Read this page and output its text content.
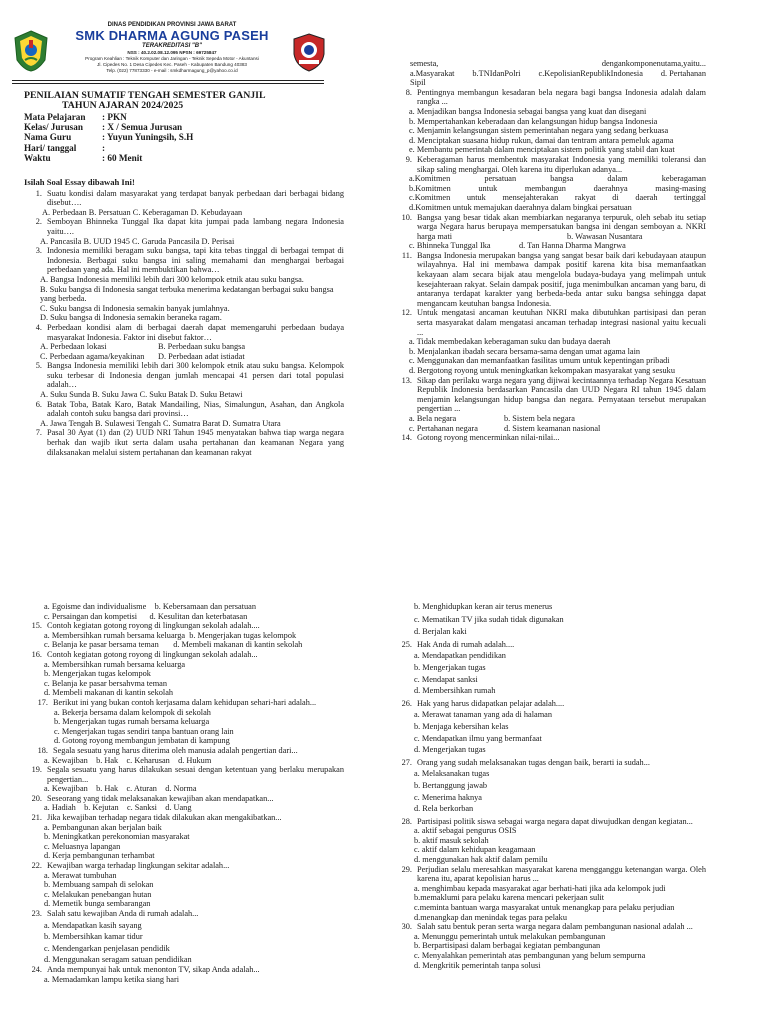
DINAS PENDIDIKAN PROVINSI JAWA BARAT
SMK DHARMA AGUNG PASEH
TERAKREDITASI "B"
NSS : 40.2.02.08.12.095 NPSN : 69725847
Program Keahlian : Teknik Komputer dan Jaringan - Teknik Sepeda Motor - Akuntansi
Jl. Cipedes No. 1 Desa Cipedes Kec. Paseh - Kabupaten Bandung 40383
Telp. (022) 77873330 - e-mail : smkdharmagung_p@yahoo.co.id
PENILAIAN SUMATIF TENGAH SEMESTER GANJIL
TAHUN AJARAN 2024/2025
Mata Pelajaran	: PKN
Kelas/ Jurusan	: X / Semua Jurusan
Nama Guru	: Yuyun Yuningsih, S.H
Hari/ tanggal	:
Waktu	: 60 Menit
Isilah Soal Essay dibawah Ini!
1. Suatu kondisi dalam masyarakat yang terdapat banyak perbedaan dari berbagai bidang disebut….
A. Perbedaan B. Persatuan C. Keberagaman D. Kebudayaan
2. Semboyan Bhinneka Tunggal Ika dapat kita jumpai pada lambang negara Indonesia yaitu….
A. Pancasila B. UUD 1945 C. Garuda Pancasila D. Perisai
3. Indonesia memiliki beragam suku bangsa, tapi kita tebas tinggal di berbagai tempat di Indonesia. Berbagai suku bangsa ini saling memahami dan menghargai berbagai perbedaan yang ada. Hal ini membuktikan bahwa…
A. Bangsa Indonesia memiliki lebih dari 300 kelompok etnik atau suku bangsa.
B. Suku bangsa di Indonesia sangat terbuka menerima kedatangan berbagai suku bangsa yang berbeda.
C. Suku bangsa di Indonesia semakin banyak jumlahnya.
D. Suku bangsa di Indonesia semakin beraneka ragam.
4. Perbedaan kondisi alam di berbagai daerah dapat memengaruhi perbedaan budaya masyarakat Indonesia. Faktor ini disebut faktor…
A. Perbedaan lokasi	B. Perbedaan suku bangsa
C. Perbedaan agama/keyakinan	D. Perbedaan adat istiadat
5. Bangsa Indonesia memiliki lebih dari 300 kelompok etnik atau suku bangsa. Kelompok suku terbesar di Indonesia dengan jumlah mencapai 41 persen dari total populasi adalah…
A. Suku Sunda B. Suku Jawa C. Suku Batak D. Suku Betawi
6. Batak Toba, Batak Karo, Batak Mandailing, Nias, Simalungun, Asahan, dan Angkola adalah contoh suku bangsa dari provinsi…
A. Jawa Tengah B. Sulawesi Tengah C. Sumatra Barat D. Sumatra Utara
7. Pasal 30 Ayat (1) dan (2) UUD NRI Tahun 1945 menyatakan bahwa tiap warga negara berhak dan wajib ikut serta dalam usaha pertahanan dan keamanan Negara yang dilaksanakan melalui sistem pertahanan dan keamanan rakyat
semesta,	dengankomponenutama,yaitu...
a.Masyarakat b.TNIdanPolri c.KepolisianRepublikIndonesia d. Pertahanan
Sipil
8. Pentingnya membangun kesadaran bela negara bagi bangsa Indonesia adalah dalam rangka ...
a. Menjadikan bangsa Indonesia sebagai bangsa yang kuat dan disegani
b. Mempertahankan keberadaan dan kelangsungan hidup bangsa Indonesia
c. Menjamin kelangsungan sistem pemerintahan negara yang sedang berkuasa
d. Menciptakan suasana hidup rukun, damai dan tentram antara pemeluk agama
e. Membantu pemerintah dalam menciptakan sistem politik yang stabil dan kuat
9. Keberagaman harus membentuk masyarakat Indonesia yang memiliki toleransi dan sikap saling menghargai. Oleh karena itu diperlukan adanya...
a.Komitmen	persatuan	bangsa	dalam	keberagaman
b.Komitmen	untuk	membangun	daerahnya	masing-masing
c.Komitmen untuk mensejahterakan rakyat di daerah tertinggal
d.Komitmen untuk memajukan daerahnya dalam bingkai persatuan
10. Bangsa yang besar tidak akan membiarkan negaranya terpuruk, oleh sebab itu setiap warga Negara harus berupaya mempersatukan bangsa ini dengan semboyan a. NKRI harga mati	b. Wawasan Nusantara
c. Bhinneka Tunggal Ika	d. Tan Hanna Dharma Mangrwa
11. Bangsa Indonesia merupakan bangsa yang sangat besar baik dari kebudayaan ataupun wilayahnya. Hal ini membawa dampak positif karena kita bisa memanfaatkan kekayaan alam secara bijak atau mengelola budaya-budaya yang melimpah untuk kesejahteraan rakyat. Selain dampak positif, juga menimbulkan ancaman yang baru, di antaranya terdapat karakter yang berbeda-beda antar suku bangsa sehingga dapat mengancam keutuhan bangsa Indonesia.
12. Untuk mengatasi ancaman keutuhan NKRI maka dibutuhkan partisipasi dan peran serta masyarakat dalam mengatasi ancaman terhadap integrasi nasional yaitu kecuali ...
a. Tidak membedakan keberagaman suku dan budaya daerah
b. Menjalankan ibadah secara bersama-sama dengan umat agama lain
c. Menggunakan dan memanfaatkan fasilitas umum untuk kepentingan pribadi
d. Bergotong royong untuk meningkatkan kekompakan masyarakat yang sesuku
13. Sikap dan perilaku warga negara yang dijiwai kecintaannya terhadap Negara Kesatuan Republik Indonesia berdasarkan Pancasila dan UUD Negara RI tahun 1945 dalam menjamin kelangsungan hidup bangsa dan negara. Pernyataan tersebut merupakan pengertian ...
a. Bela negara	b. Sistem bela negara
c. Pertahanan negara	d. Sistem keamanan nasional
14. Gotong royong mencerminkan nilai-nilai...
a. Egoisme dan individualisme    b. Kebersamaan dan persatuan
c. Persaingan dan kompetisi      d. Kesulitan dan keterbatasan
15. Contoh kegiatan gotong royong di lingkungan sekolah adalah....
a. Membersihkan rumah bersama keluarga  b. Mengerjakan tugas kelompok
c. Belanja ke pasar bersama teman       d. Membeli makanan di kantin sekolah
16. Contoh kegiatan gotong royong di lingkungan sekolah adalah...
a. Membersihkan rumah bersama keluarga
b. Mengerjakan tugas kelompok
c. Belanja ke pasar bersahvma teman
d. Membeli makanan di kantin sekolah
17. Berikut ini yang bukan contoh kerjasama dalam kehidupan sehari-hari adalah...
a. Bekerja bersama dalam kelompok di sekolah
b. Mengerjakan tugas rumah bersama keluarga
c. Mengerjakan tugas sendiri tanpa bantuan orang lain
d. Gotong royong membangun jembatan di kampung
18. Segala sesuatu yang harus diterima oleh manusia adalah pengertian dari...
a. Kewajiban    b. Hak    c. Keharusan    d. Hukum
19. Segala sesuatu yang harus dilakukan sesuai dengan ketentuan yang berlaku merupakan pengertian...
a. Kewajiban    b. Hak    c. Aturan    d. Norma
20. Seseorang yang tidak melaksanakan kewajiban akan mendapatkan...
a. Hadiah    b. Kejutan    c. Sanksi    d. Uang
21. Jika kewajiban terhadap negara tidak dilakukan akan mengakibatkan...
a. Pembangunan akan berjalan baik
b. Meningkatkan perekonomian masyarakat
c. Meluasnya lapangan
d. Kerja pembangunan terhambat
22. Kewajiban warga terhadap lingkungan sekitar adalah...
a. Merawat tumbuhan
b. Membuang sampah di selokan
c. Melakukan penebangan hutan
d. Memetik bunga sembarangan
23. Salah satu kewajiban Anda di rumah adalah...
a. Mendapatkan kasih sayang
b. Membersihkan kamar tidur
c. Mendengarkan penjelasan pendidik
d. Menggunakan seragam satuan pendidikan
24. Anda mempunyai hak untuk menonton TV, sikap Anda adalah...
a. Memadamkan lampu ketika siang hari
b. Menghidupkan keran air terus menerus
c. Mematikan TV jika sudah tidak digunakan
d. Berjalan kaki
25. Hak Anda di rumah adalah....
a. Mendapatkan pendidikan
b. Mengerjakan tugas
c. Mendapat sanksi
d. Membersihkan rumah
26. Hak yang harus didapatkan pelajar adalah....
a. Merawat tanaman yang ada di halaman
b. Menjaga kebersihan kelas
c. Mendapatkan ilmu yang bermanfaat
d. Mengerjakan tugas
27. Orang yang sudah melaksanakan tugas dengan baik, berarti ia sudah...
a. Melaksanakan tugas
b. Bertanggung jawab
c. Menerima haknya
d. Rela berkorban
28. Partisipasi politik siswa sebagai warga negara dapat diwujudkan dengan kegiatan...
a. aktif sebagai pengurus OSIS
b. aktif masuk sekolah
c. aktif dalam kehidupan keagamaan
d. menggunakan hak aktif dalam pemilu
29. Perjudian selalu meresahkan masyarakat karena mengganggu ketenangan warga. Oleh karena itu, aparat kepolisian harus ...
a. menghimbau kepada masyarakat agar berhati-hati jika ada kelompok judi
b.memaklumi para pelaku karena mencari pekerjaan sulit
c.meminta bantuan warga masyarakat untuk menangkap para pelaku perjudian
d.menangkap dan menindak tegas para pelaku
30. Salah satu bentuk peran serta warga negara dalam pembangunan nasional adalah ...
a. Menunggu pemerintah untuk melakukan pembangunan
b. Berpartisipasi dalam berbagai kegiatan pembangunan
c. Menyalahkan pemerintah atas pembangunan yang belum sempurna
d. Mengkritik pemerintah tanpa solusi
